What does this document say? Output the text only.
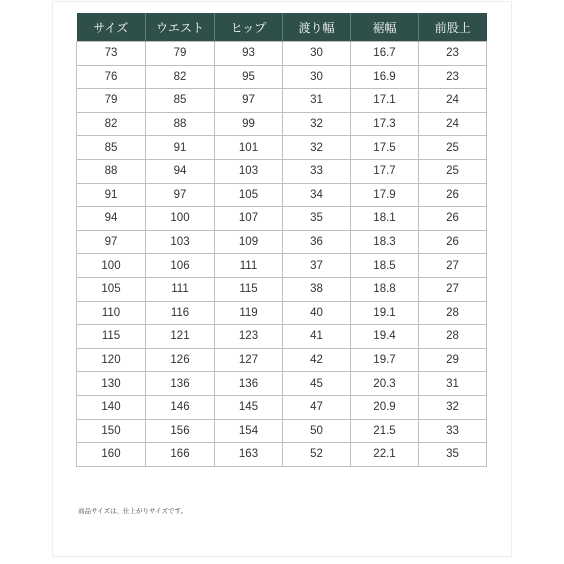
サイズ	ウエスト	ヒップ	渡り幅	裾幅	前股上
73	79	93	30	16.7	23
76	82	95	30	16.9	23
79	85	97	31	17.1	24
82	88	99	32	17.3	24
85	91	101	32	17.5	25
88	94	103	33	17.7	25
91	97	105	34	17.9	26
94	100	107	35	18.1	26
97	103	109	36	18.3	26
100	106	111	37	18.5	27
105	111	115	38	18.8	27
110	116	119	40	19.1	28
115	121	123	41	19.4	28
120	126	127	42	19.7	29
130	136	136	45	20.3	31
140	146	145	47	20.9	32
150	156	154	50	21.5	33
160	166	163	52	22.1	35
商品サイズは、仕上がりサイズです。
